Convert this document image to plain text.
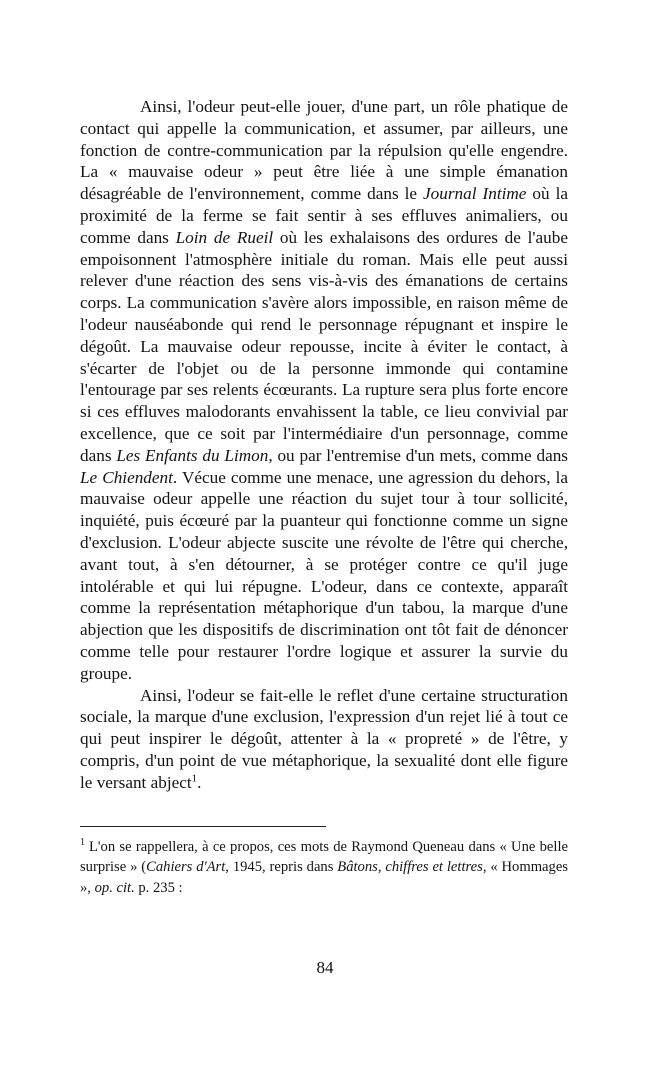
Ainsi, l'odeur peut-elle jouer, d'une part, un rôle phatique de contact qui appelle la communication, et assumer, par ailleurs, une fonction de contre-communication par la répulsion qu'elle engendre. La « mauvaise odeur » peut être liée à une simple émanation désagréable de l'environnement, comme dans le Journal Intime où la proximité de la ferme se fait sentir à ses effluves animaliers, ou comme dans Loin de Rueil où les exhalaisons des ordures de l'aube empoisonnent l'atmosphère initiale du roman. Mais elle peut aussi relever d'une réaction des sens vis-à-vis des émanations de certains corps. La communication s'avère alors impossible, en raison même de l'odeur nauséabonde qui rend le personnage répugnant et inspire le dégoût. La mauvaise odeur repousse, incite à éviter le contact, à s'écarter de l'objet ou de la personne immonde qui contamine l'entourage par ses relents écœurants. La rupture sera plus forte encore si ces effluves malodorants envahissent la table, ce lieu convivial par excellence, que ce soit par l'intermédiaire d'un personnage, comme dans Les Enfants du Limon, ou par l'entremise d'un mets, comme dans Le Chiendent. Vécue comme une menace, une agression du dehors, la mauvaise odeur appelle une réaction du sujet tour à tour sollicité, inquiété, puis écœuré par la puanteur qui fonctionne comme un signe d'exclusion. L'odeur abjecte suscite une révolte de l'être qui cherche, avant tout, à s'en détourner, à se protéger contre ce qu'il juge intolérable et qui lui répugne. L'odeur, dans ce contexte, apparaît comme la représentation métaphorique d'un tabou, la marque d'une abjection que les dispositifs de discrimination ont tôt fait de dénoncer comme telle pour restaurer l'ordre logique et assurer la survie du groupe.

Ainsi, l'odeur se fait-elle le reflet d'une certaine structuration sociale, la marque d'une exclusion, l'expression d'un rejet lié à tout ce qui peut inspirer le dégoût, attenter à la « propreté » de l'être, y compris, d'un point de vue métaphorique, la sexualité dont elle figure le versant abject$^1$.

$^1$ L'on se rappellera, à ce propos, ces mots de Raymond Queneau dans « Une belle surprise » (Cahiers d'Art, 1945, repris dans Bâtons, chiffres et lettres, « Hommages », op. cit. p. 235 :

84
